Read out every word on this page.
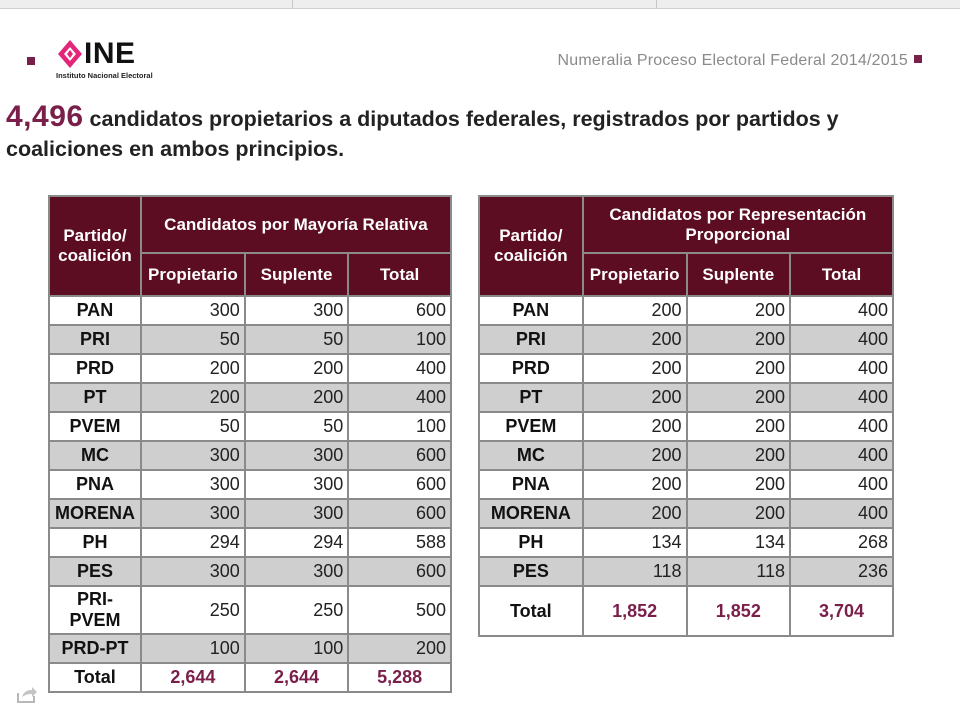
INE
Instituto Nacional Electoral
Numeralia Proceso Electoral Federal 2014/2015
4,496 candidatos propietarios a diputados federales, registrados por partidos y coaliciones en ambos principios.
Partido/ coalición	Candidatos por Mayoría Relativa		
	Propietario	Suplente	Total
PAN	300	300	600
PRI	50	50	100
PRD	200	200	400
PT	200	200	400
PVEM	50	50	100
MC	300	300	600
PNA	300	300	600
MORENA	300	300	600
PH	294	294	588
PES	300	300	600
PRI-PVEM	250	250	500
PRD-PT	100	100	200
Total	2,644	2,644	5,288
Partido/ coalición	Candidatos por Representación Proporcional		
	Propietario	Suplente	Total
PAN	200	200	400
PRI	200	200	400
PRD	200	200	400
PT	200	200	400
PVEM	200	200	400
MC	200	200	400
PNA	200	200	400
MORENA	200	200	400
PH	134	134	268
PES	118	118	236
Total	1,852	1,852	3,704
